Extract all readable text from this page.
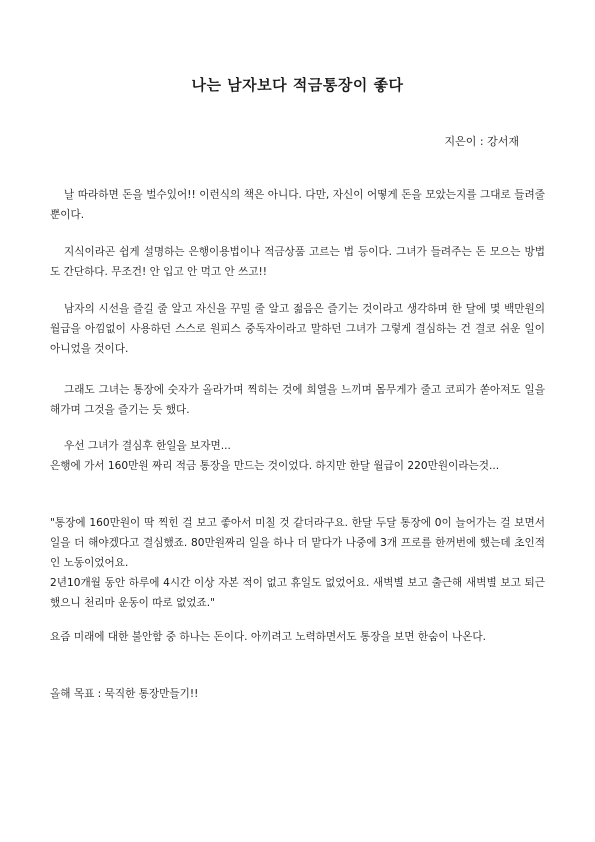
나는 남자보다 적금통장이 좋다
지은이 : 강서재
날 따라하면 돈을 벌수있어!! 이런식의 책은 아니다. 다만, 자신이 어떻게 돈을 모았는지를 그대로 들려줄뿐이다.
지식이라곤 쉽게 설명하는 은행이용법이나 적금상품 고르는 법 등이다. 그녀가 들려주는 돈 모으는 방법도 간단하다. 무조건! 안 입고 안 먹고 안 쓰고!!
남자의 시선을 즐길 줄 알고 자신을 꾸밀 줄 알고 젊음은 즐기는 것이라고 생각하며 한 달에 몇 백만원의 월급을 아낌없이 사용하던 스스로 원피스 중독자이라고 말하던 그녀가 그렇게 결심하는 건 결코 쉬운 일이 아니었을 것이다.
그래도 그녀는 통장에 숫자가 올라가며 찍히는 것에 희열을 느끼며 몸무게가 줄고 코피가 쏟아져도 일을 해가며 그것을 즐기는 듯 했다.
우선 그녀가 결심후 한일을 보자면...
은행에 가서 160만원 짜리 적금 통장을 만드는 것이었다. 하지만 한달 월급이 220만원이라는것...
"통장에 160만원이 딱 찍힌 걸 보고 좋아서 미칠 것 같더라구요. 한달 두달 통장에 0이 늘어가는 걸 보면서 일을 더 해야겠다고 결심했죠. 80만원짜리 일을 하나 더 맡다가 나중에 3개 프로를 한꺼번에 했는데 초인적인 노동이었어요.
2년10개월 동안 하루에 4시간 이상 자본 적이 없고 휴일도 없었어요. 새벽별 보고 출근해 새벽별 보고 퇴근했으니 천리마 운동이 따로 없었죠."
요즘 미래에 대한 불안함 중 하나는 돈이다. 아끼려고 노력하면서도 통장을 보면 한숨이 나온다.
올해 목표 : 묵직한 통장만들기!!
